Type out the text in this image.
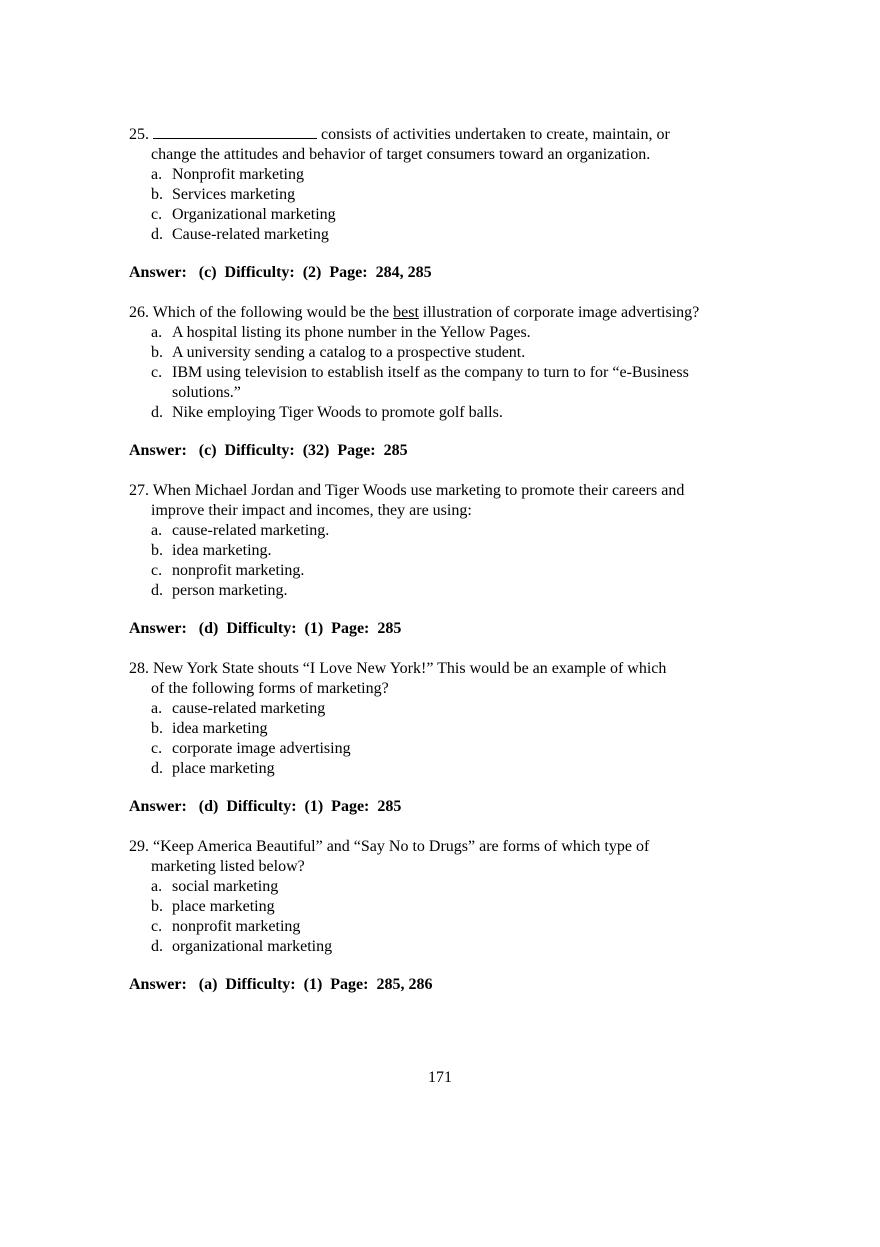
25.	consists of activities undertaken to create, maintain, or
change the attitudes and behavior of target consumers toward an organization.
a. Nonprofit marketing
b. Services marketing
c. Organizational marketing
d. Cause-related marketing
Answer:   (c)  Difficulty:  (2)  Page:  284, 285
26. Which of the following would be the best illustration of corporate image advertising?
a. A hospital listing its phone number in the Yellow Pages.
b. A university sending a catalog to a prospective student.
c. IBM using television to establish itself as the company to turn to for “e-Business
solutions.”
d. Nike employing Tiger Woods to promote golf balls.
Answer:   (c)  Difficulty:  (32)  Page:  285
27. When Michael Jordan and Tiger Woods use marketing to promote their careers and
improve their impact and incomes, they are using:
a. cause-related marketing.
b. idea marketing.
c. nonprofit marketing.
d. person marketing.
Answer:   (d)  Difficulty:  (1)  Page:  285
28. New York State shouts “I Love New York!” This would be an example of which
of the following forms of marketing?
a. cause-related marketing
b. idea marketing
c. corporate image advertising
d. place marketing
Answer:   (d)  Difficulty:  (1)  Page:  285
29. “Keep America Beautiful” and “Say No to Drugs” are forms of which type of
marketing listed below?
a. social marketing
b. place marketing
c. nonprofit marketing
d. organizational marketing
Answer:   (a)  Difficulty:  (1)  Page:  285, 286
171
